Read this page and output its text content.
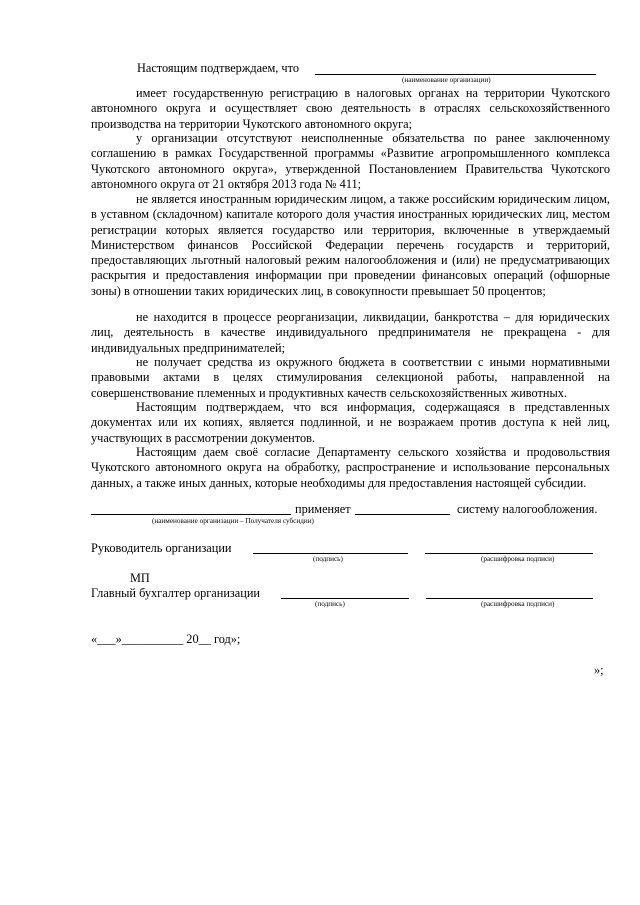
Настоящим подтверждаем, что
(наименование организации)
имеет государственную регистрацию в налоговых органах на территории Чукотского автономного округа и осуществляет свою деятельность в отраслях сельскохозяйственного производства на территории Чукотского автономного округа;
у организации отсутствуют неисполненные обязательства по ранее заключенному соглашению в рамках Государственной программы «Развитие агропромышленного комплекса Чукотского автономного округа», утвержденной Постановлением Правительства Чукотского автономного округа от 21 октября 2013 года № 411;
не является иностранным юридическим лицом, а также российским юридическим лицом, в уставном (складочном) капитале которого доля участия иностранных юридических лиц, местом регистрации которых является государство или территория, включенные в утверждаемый Министерством финансов Российской Федерации перечень государств и территорий, предоставляющих льготный налоговый режим налогообложения и (или) не предусматривающих раскрытия и предоставления информации при проведении финансовых операций (офшорные зоны) в отношении таких юридических лиц, в совокупности превышает 50 процентов;
не находится в процессе реорганизации, ликвидации, банкротства – для юридических лиц, деятельность в качестве индивидуального предпринимателя не прекращена - для индивидуальных предпринимателей;
не получает средства из окружного бюджета в соответствии с иными нормативными правовыми актами в целях стимулирования селекционой работы, направленной на совершенствование племенных и продуктивных качеств сельскохозяйственных животных.
Настоящим подтверждаем, что вся информация, содержащаяся в представленных документах или их копиях, является подлинной, и не возражаем против доступа к ней лиц, участвующих в рассмотрении документов.
Настоящим даем своё согласие Департаменту сельского хозяйства и продовольствия Чукотского автономного округа на обработку, распространение и использование персональных данных, а также иных данных, которые необходимы для предоставления настоящей субсидии.
применяет	систему налогообложения.
(наименование организации – Получателя субсидии)
Руководитель организации
(подпись)	(расшифровка подписи)
МП
Главный бухгалтер организации
(подпись)	(расшифровка подписи)
«___»__________ 20__ год»;
»;
